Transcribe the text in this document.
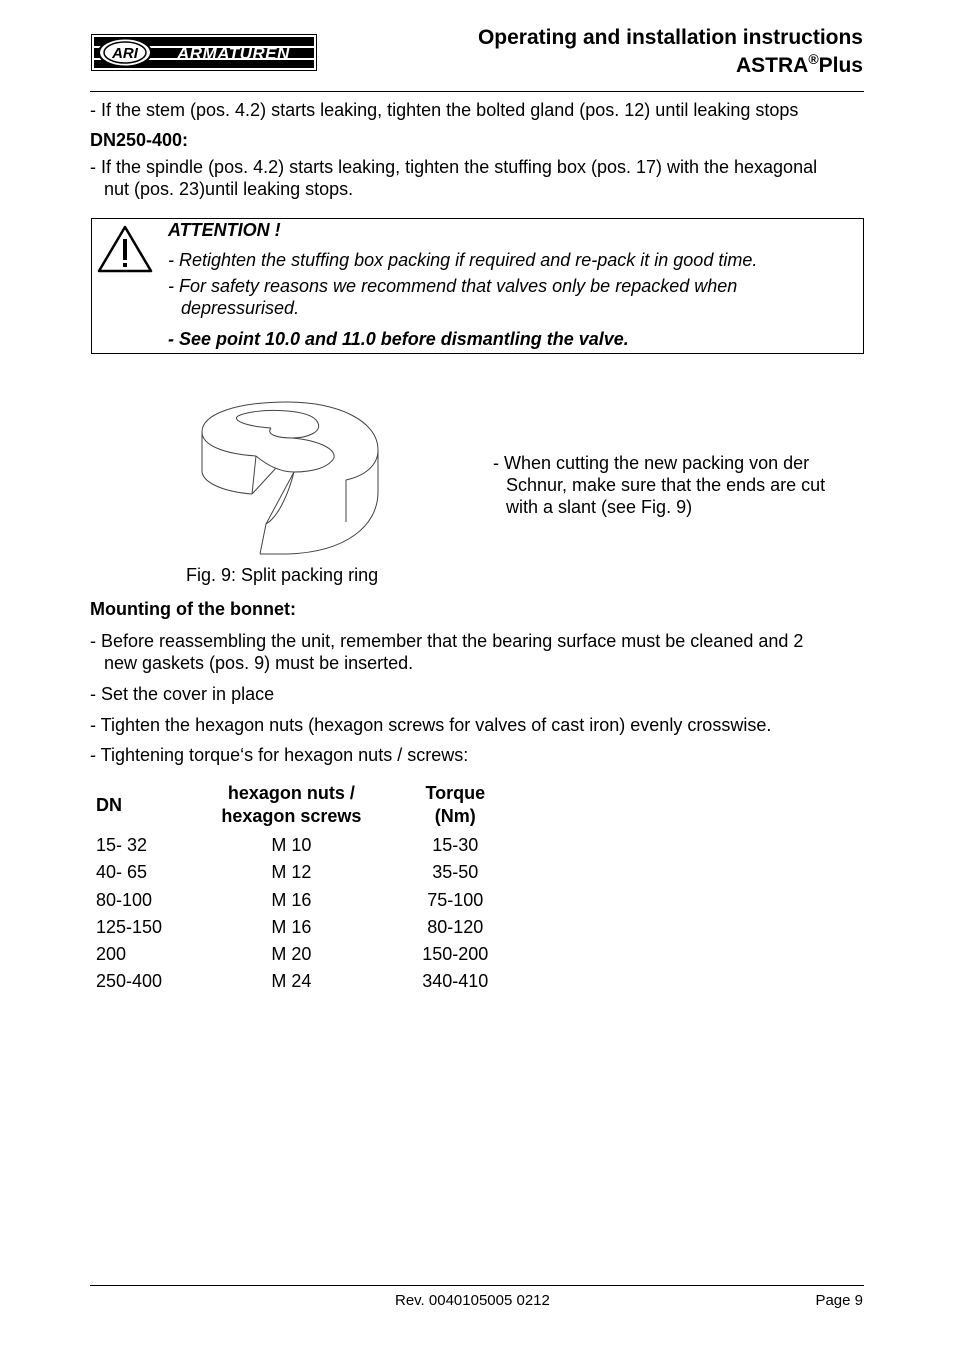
ARI ARMATUREN
Operating and installation instructions
ASTRA®Plus
- If the stem (pos. 4.2) starts leaking, tighten the bolted gland (pos. 12) until leaking stops
DN250-400:
- If the spindle (pos. 4.2) starts leaking, tighten the stuffing box (pos. 17) with the hexagonal
nut (pos. 23)until leaking stops.
ATTENTION !
- Retighten the stuffing box packing if required and re-pack it in good time.
- For safety reasons we recommend that valves only be repacked when
depressurised.
- See point 10.0 and 11.0 before dismantling the valve.
Fig. 9: Split packing ring
- When cutting the new packing von der
Schnur, make sure that the ends are cut
with a slant (see Fig. 9)
Mounting of the bonnet:
- Before reassembling the unit, remember that the bearing surface must be cleaned and 2
new gaskets (pos. 9) must be inserted.
- Set the cover in place
- Tighten the hexagon nuts (hexagon screws for valves of cast iron) evenly crosswise.
- Tightening torque‘s for hexagon nuts / screws:
DN	hexagon nuts /
hexagon screws	Torque
(Nm)
15- 32	M 10	15-30
40- 65	M 12	35-50
80-100	M 16	75-100
125-150	M 16	80-120
200	M 20	150-200
250-400	M 24	340-410
Rev. 0040105005 0212	Page 9
